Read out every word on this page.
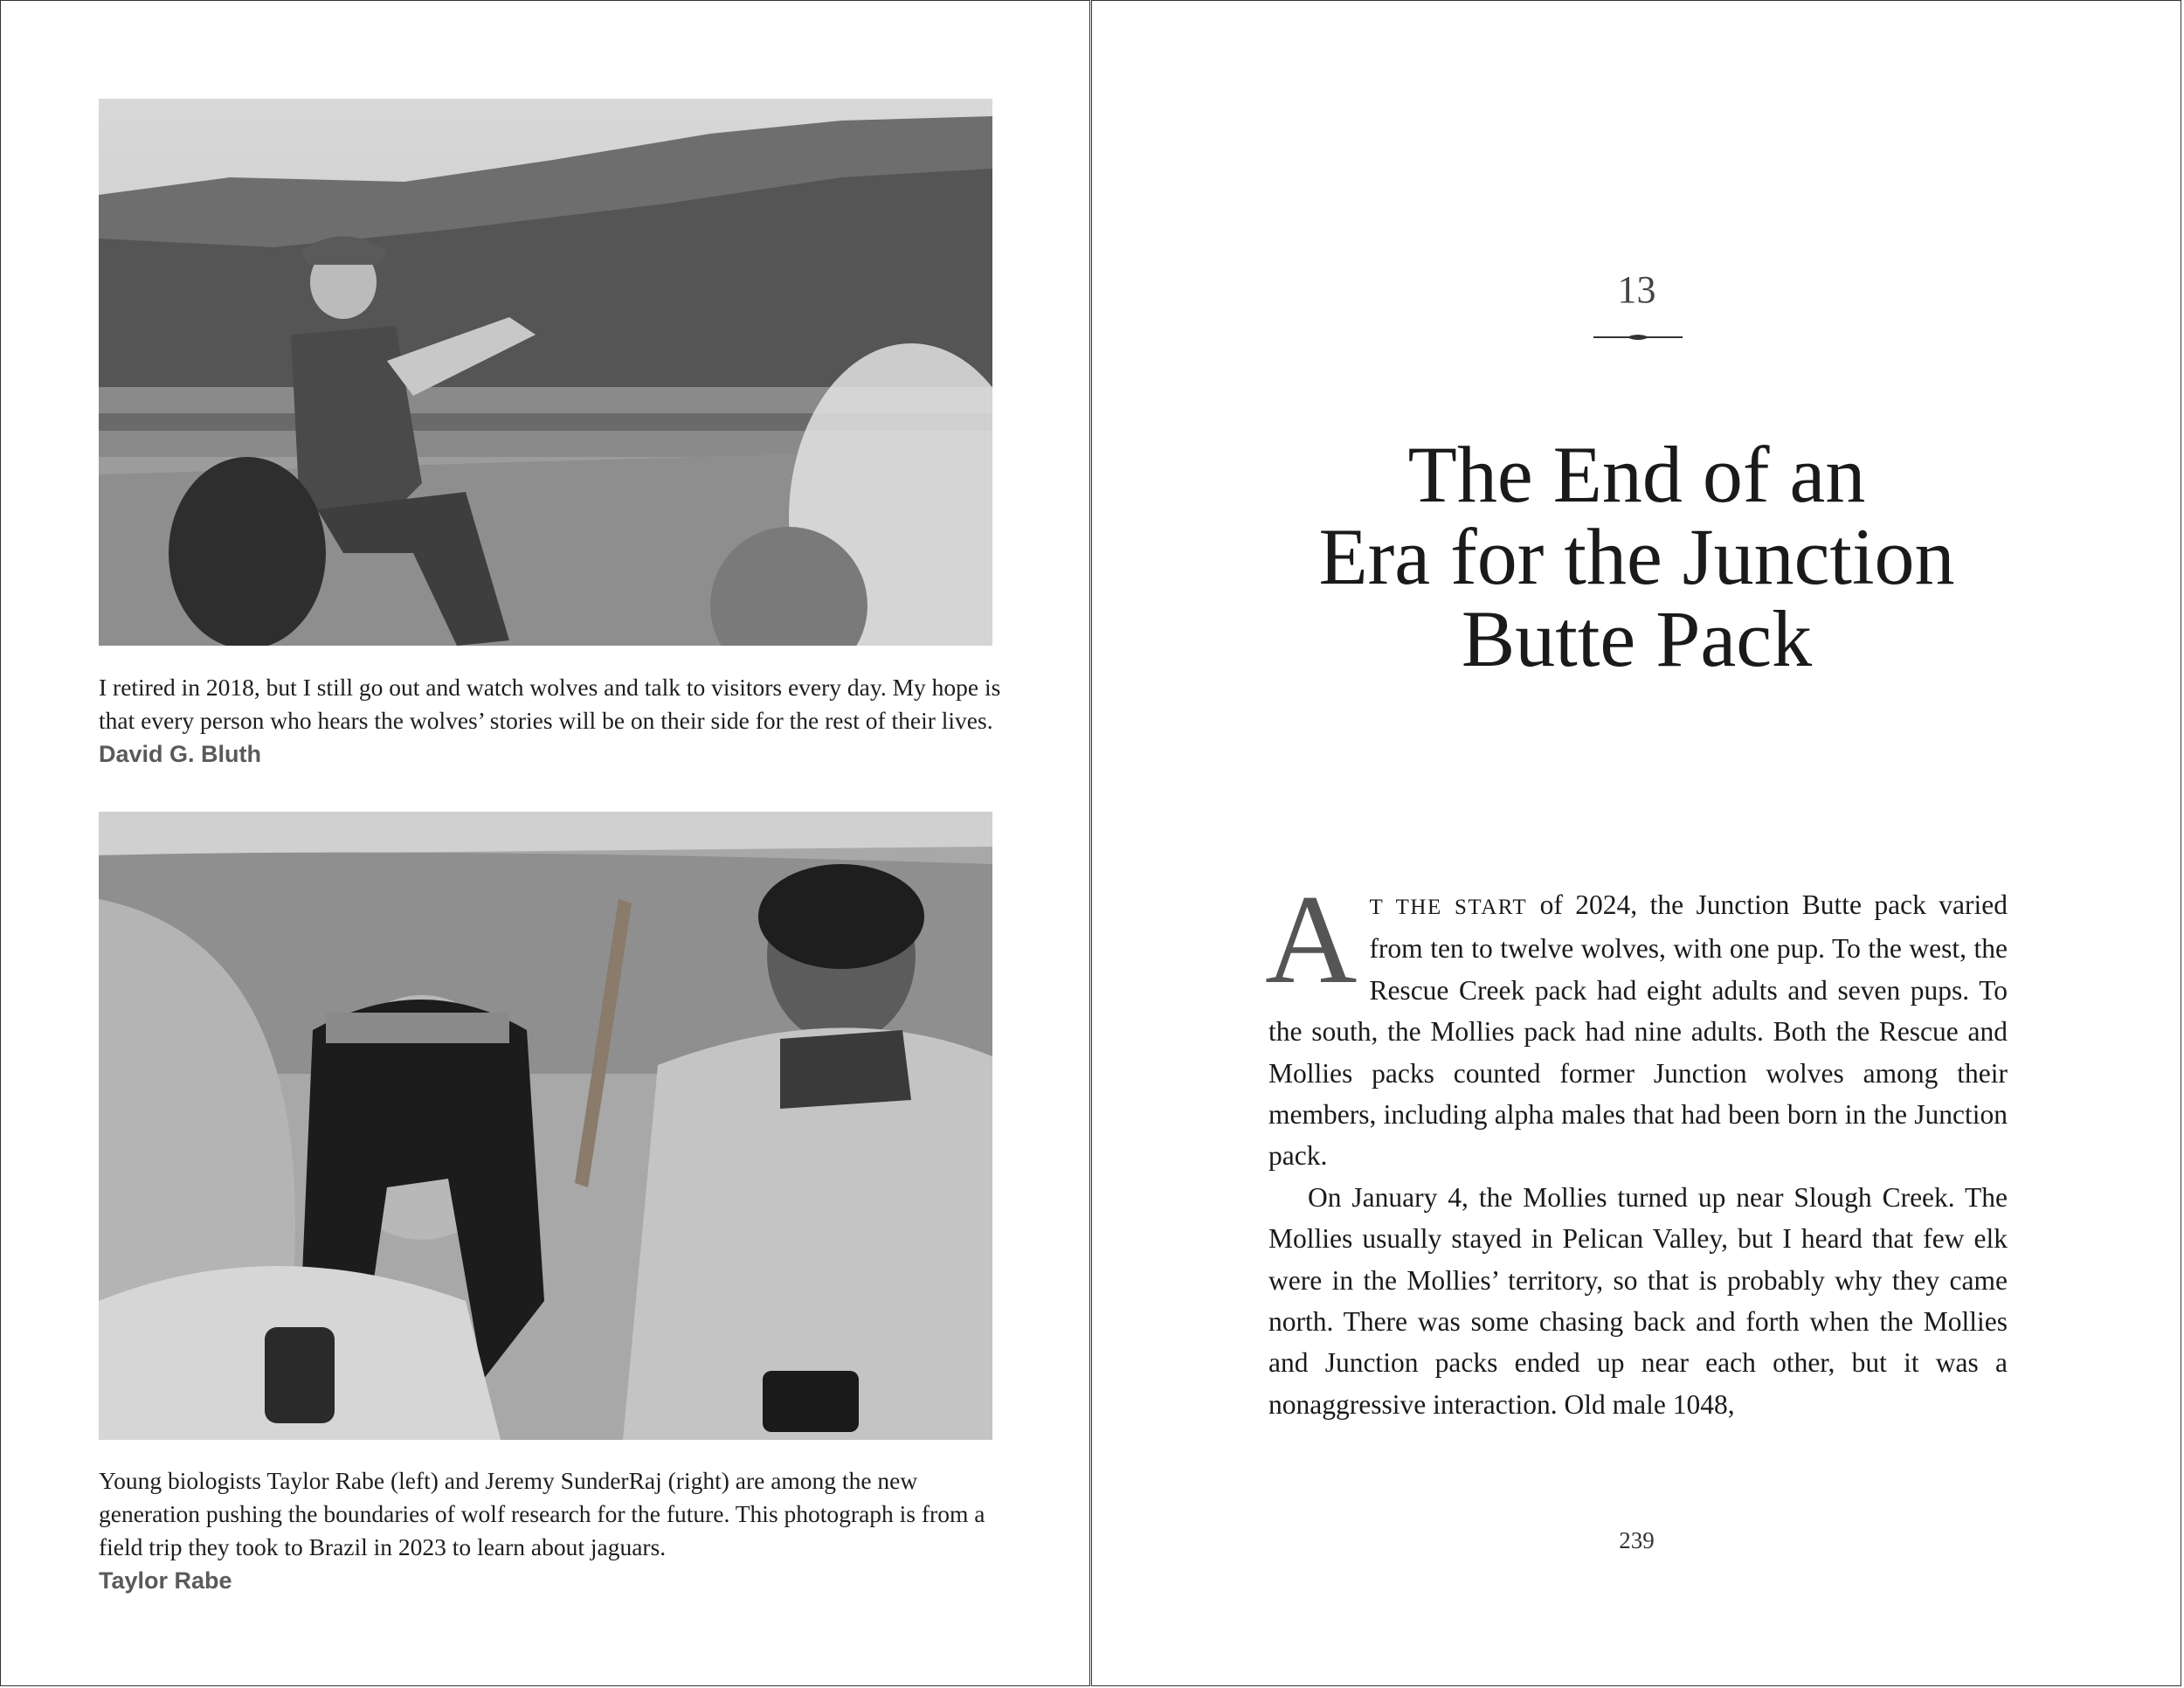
I retired in 2018, but I still go out and watch wolves and talk to visitors every day. My hope is that every person who hears the wolves’ stories will be on their side for the rest of their lives. David G. Bluth
Young biologists Taylor Rabe (left) and Jeremy SunderRaj (right) are among the new generation pushing the boundaries of wolf research for the future. This photograph is from a field trip they took to Brazil in 2023 to learn about jaguars.
Taylor Rabe
13
The End of an
Era for the Junction
Butte Pack

A T THE START of 2024, the Junction Butte pack varied from ten to twelve wolves, with one pup. To the west, the Rescue Creek pack had eight adults and seven pups. To the south, the Mollies pack had nine adults. Both the Rescue and Mollies packs counted former Junction wolves among their members, including alpha males that had been born in the Junction pack.

On January 4, the Mollies turned up near Slough Creek. The Mollies usually stayed in Pelican Valley, but I heard that few elk were in the Mollies’ territory, so that is probably why they came north. There was some chasing back and forth when the Mollies and Junction packs ended up near each other, but it was a nonaggressive interaction. Old male 1048,

239
